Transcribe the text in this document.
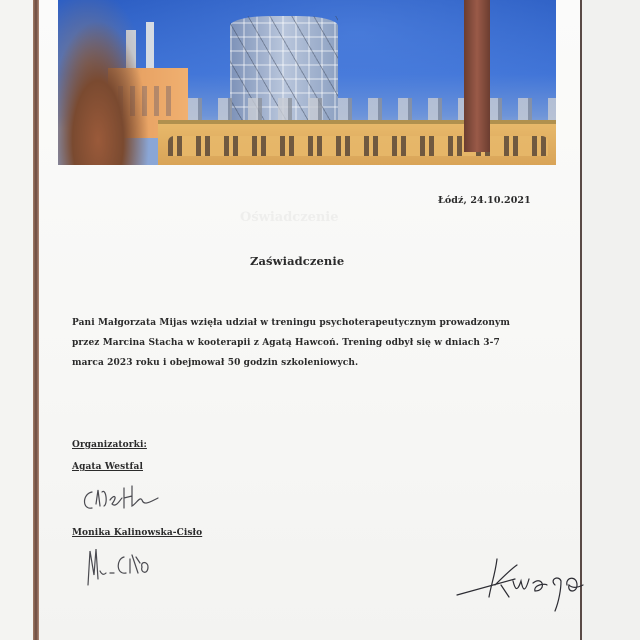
Oświadczenie
Łódź, 24.10.2021
Zaświadczenie
Pani Małgorzata Mijas wzięła udział w treningu psychoterapeutycznym prowadzonym
przez Marcina Stacha w kooterapii z Agatą Hawcoń. Trening odbył się w dniach 3-7
marca 2023 roku i obejmował 50 godzin szkoleniowych.
Organizatorki:
Agata Westfal
Monika Kalinowska-Cisło
